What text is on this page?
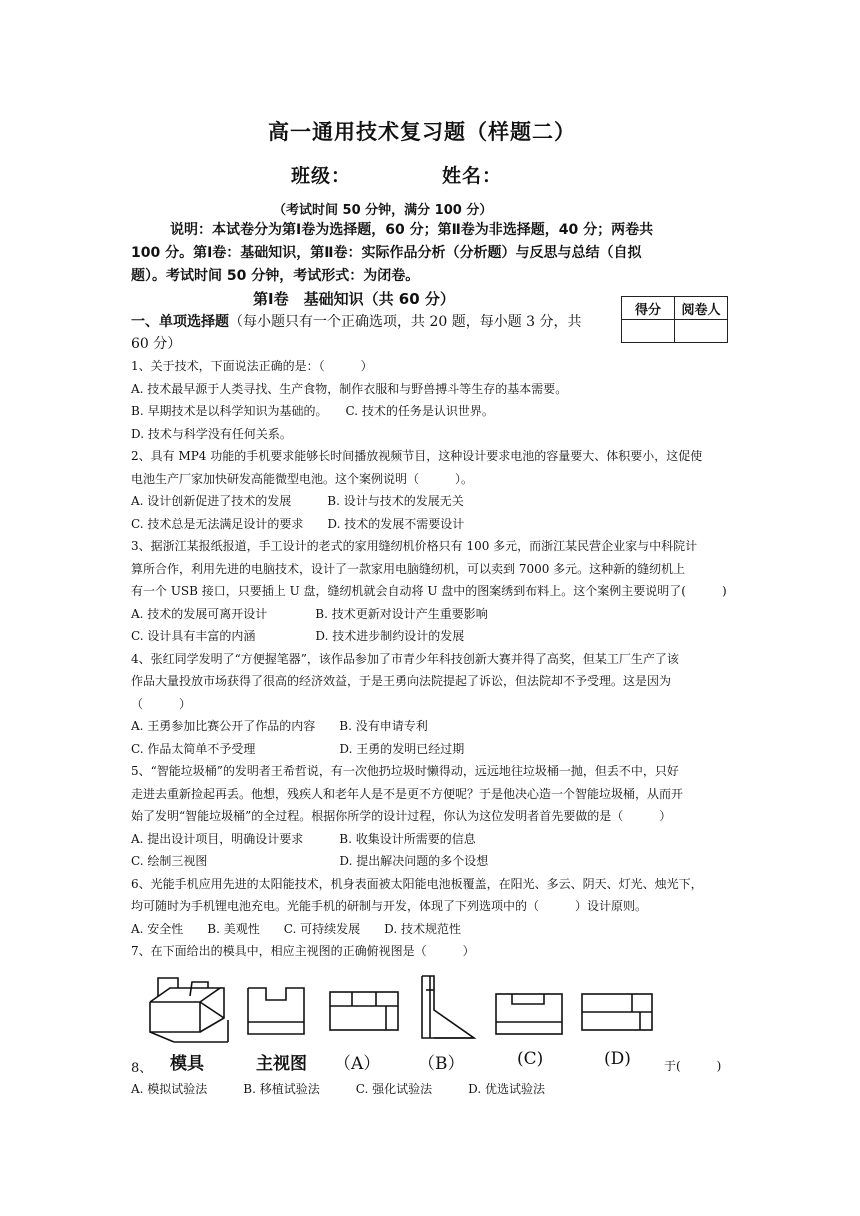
高一通用技术复习题（样题二）
班级：	姓名：
（考试时间 50 分钟，满分 100 分）
说明：本试卷分为第Ⅰ卷为选择题，60 分；第Ⅱ卷为非选择题，40 分；两卷共
100 分。第Ⅰ卷：基础知识，第Ⅱ卷：实际作品分析（分析题）与反思与总结（自拟
题）。考试时间 50 分钟，考试形式：为闭卷。
第Ⅰ卷　基础知识（共 60 分）
得分	阅卷人

一、单项选择题（每小题只有一个正确选项，共 20 题，每小题 3 分，共
60 分）
1、关于技术，下面说法正确的是：（　　　）
A. 技术最早源于人类寻找、生产食物，制作衣服和与野兽搏斗等生存的基本需要。
B. 早期技术是以科学知识为基础的。　　C. 技术的任务是认识世界。
D. 技术与科学没有任何关系。
2、具有 MP4 功能的手机要求能够长时间播放视频节目，这种设计要求电池的容量要大、体积要小，这促使
电池生产厂家加快研发高能微型电池。这个案例说明（　　　）。
A. 设计创新促进了技术的发展　　　B. 设计与技术的发展无关
C. 技术总是无法满足设计的要求　　D. 技术的发展不需要设计
3、据浙江某报纸报道，手工设计的老式的家用缝纫机价格只有 100 多元，而浙江某民营企业家与中科院计
算所合作，利用先进的电脑技术，设计了一款家用电脑缝纫机，可以卖到 7000 多元。这种新的缝纫机上
有一个 USB 接口，只要插上 U 盘，缝纫机就会自动将 U 盘中的图案绣到布料上。这个案例主要说明了(　　　)
A. 技术的发展可离开设计　　　　B. 技术更新对设计产生重要影响
C. 设计具有丰富的内涵　　　　　D. 技术进步制约设计的发展
4、张红同学发明了“方便握笔器”，该作品参加了市青少年科技创新大赛并得了高奖，但某工厂生产了该
作品大量投放市场获得了很高的经济效益，于是王勇向法院提起了诉讼，但法院却不予受理。这是因为
（　　　）
A. 王勇参加比赛公开了作品的内容　　B. 没有申请专利
C. 作品太简单不予受理　　　　　　　D. 王勇的发明已经过期
5、“智能垃圾桶”的发明者王希哲说，有一次他扔垃圾时懒得动，远远地往垃圾桶一抛，但丢不中，只好
走进去重新捡起再丢。他想，残疾人和老年人是不是更不方便呢？于是他决心造一个智能垃圾桶，从而开
始了发明“智能垃圾桶”的全过程。根据你所学的设计过程，你认为这位发明者首先要做的是（　　　）
A. 提出设计项目，明确设计要求　　　B. 收集设计所需要的信息
C. 绘制三视图　　　　　　　　　　　D. 提出解决问题的多个设想
6、光能手机应用先进的太阳能技术，机身表面被太阳能电池板覆盖，在阳光、多云、阴天、灯光、烛光下，
均可随时为手机锂电池充电。光能手机的研制与开发，体现了下列选项中的（　　　）设计原则。
A. 安全性　　B. 美观性　　C. 可持续发展　　D. 技术规范性
7、在下面给出的模具中，相应主视图的正确俯视图是（　　　）
8、 模具	主视图 （A） （B）	(C)	(D)	于(　　　)
A. 模拟试验法　　　B. 移植试验法　　　C. 强化试验法　　　D. 优选试验法
